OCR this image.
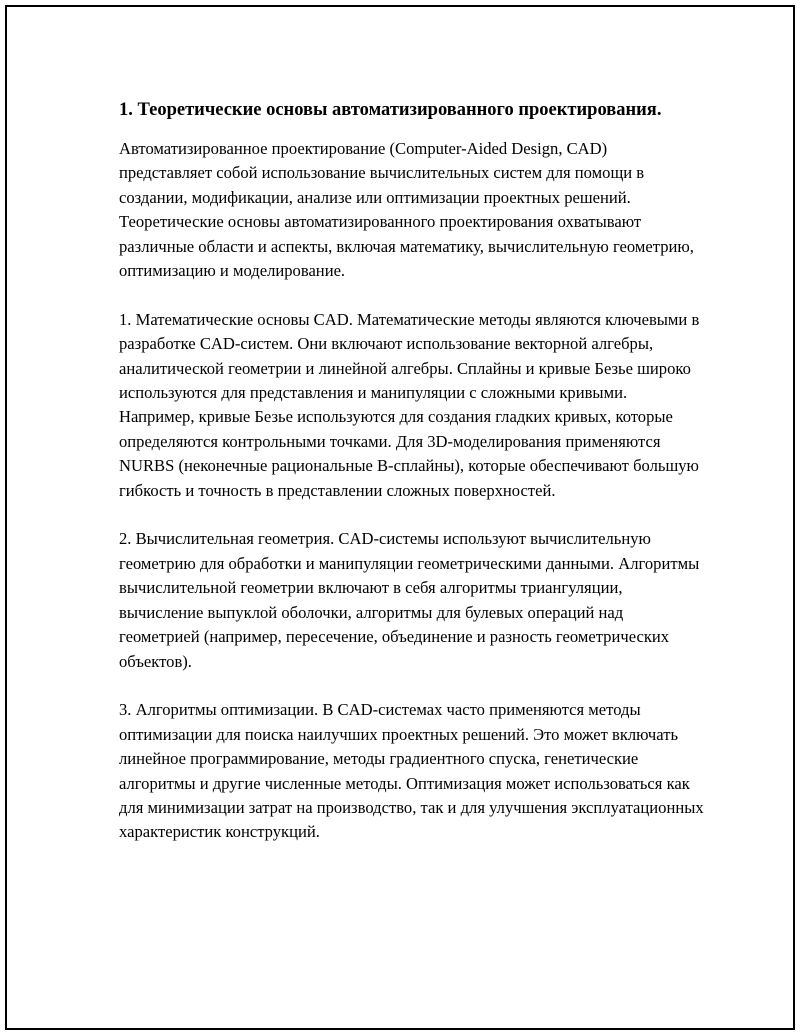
1. Теоретические основы автоматизированного проектирования.

Автоматизированное проектирование (Computer-Aided Design, CAD) представляет собой использование вычислительных систем для помощи в создании, модификации, анализе или оптимизации проектных решений. Теоретические основы автоматизированного проектирования охватывают различные области и аспекты, включая математику, вычислительную геометрию, оптимизацию и моделирование.

1. Математические основы CAD. Математические методы являются ключевыми в разработке CAD-систем. Они включают использование векторной алгебры, аналитической геометрии и линейной алгебры. Сплайны и кривые Безье широко используются для представления и манипуляции с сложными кривыми. Например, кривые Безье используются для создания гладких кривых, которые определяются контрольными точками. Для 3D-моделирования применяются NURBS (неконечные рациональные B-сплайны), которые обеспечивают большую гибкость и точность в представлении сложных поверхностей.

2. Вычислительная геометрия. CAD-системы используют вычислительную геометрию для обработки и манипуляции геометрическими данными. Алгоритмы вычислительной геометрии включают в себя алгоритмы триангуляции, вычисление выпуклой оболочки, алгоритмы для булевых операций над геометрией (например, пересечение, объединение и разность геометрических объектов).

3. Алгоритмы оптимизации. В CAD-системах часто применяются методы оптимизации для поиска наилучших проектных решений. Это может включать линейное программирование, методы градиентного спуска, генетические алгоритмы и другие численные методы. Оптимизация может использоваться как для минимизации затрат на производство, так и для улучшения эксплуатационных характеристик конструкций.
